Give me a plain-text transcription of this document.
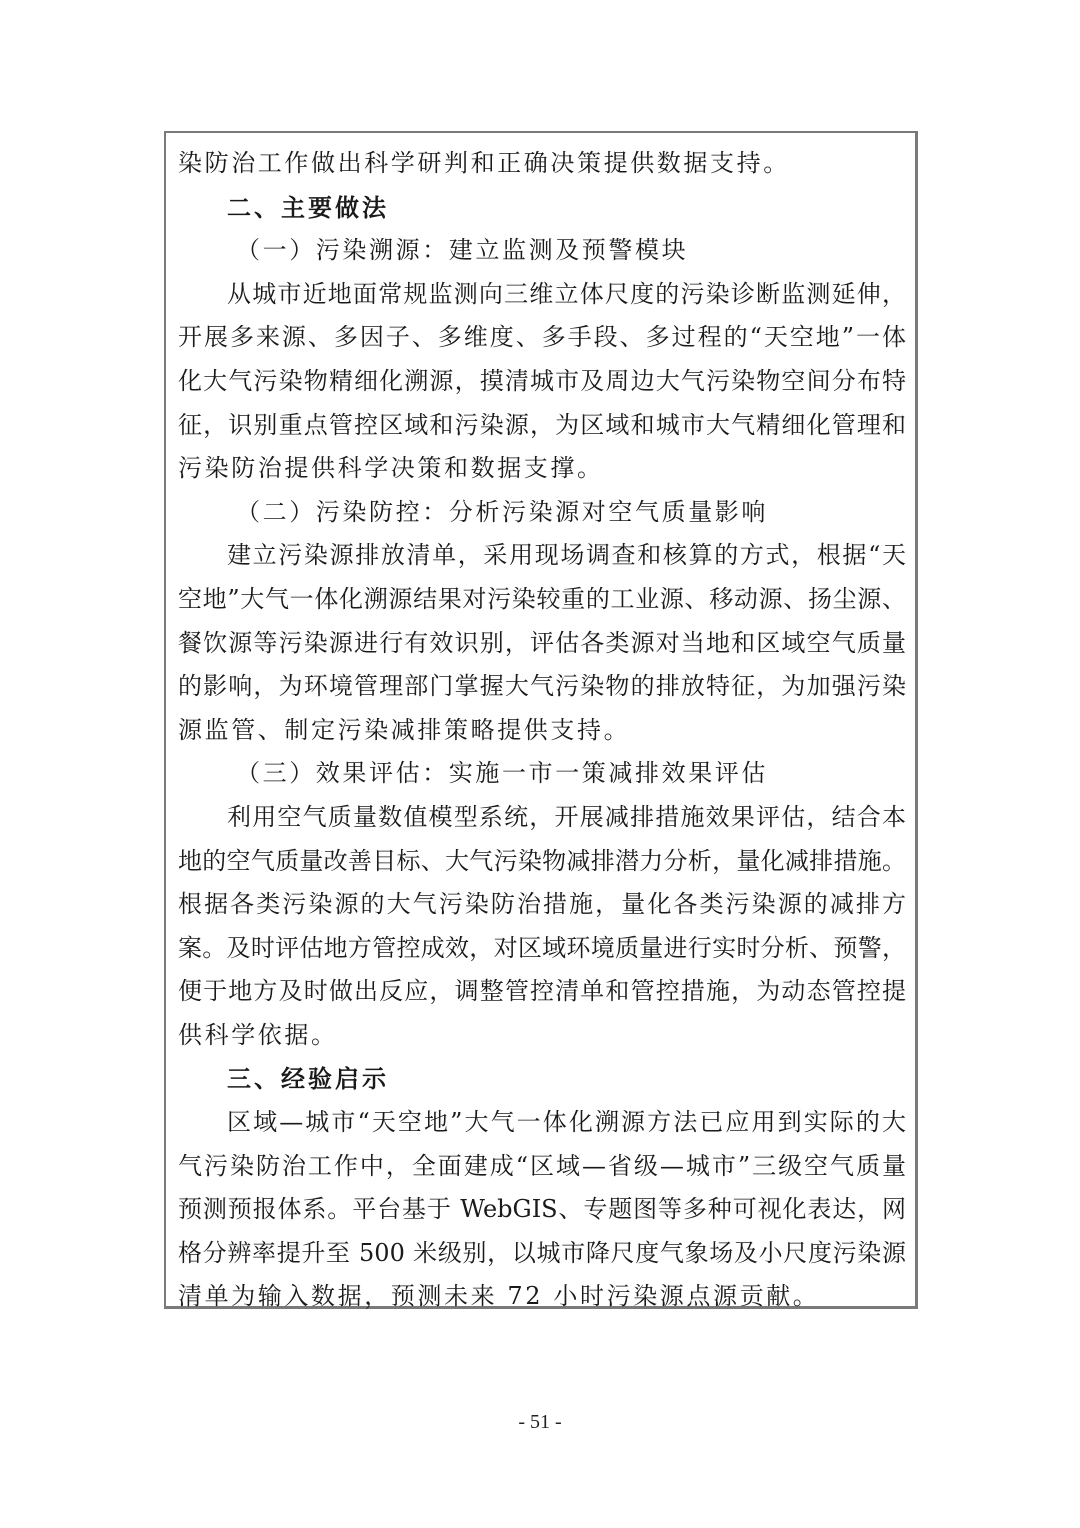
染防治工作做出科学研判和正确决策提供数据支持。
二、主要做法
（一）污染溯源：建立监测及预警模块
从城市近地面常规监测向三维立体尺度的污染诊断监测延伸，
开展多来源、多因子、多维度、多手段、多过程的“天空地”一体
化大气污染物精细化溯源，摸清城市及周边大气污染物空间分布特
征，识别重点管控区域和污染源，为区域和城市大气精细化管理和
污染防治提供科学决策和数据支撑。
（二）污染防控：分析污染源对空气质量影响
建立污染源排放清单，采用现场调查和核算的方式，根据“天
空地”大气一体化溯源结果对污染较重的工业源、移动源、扬尘源、
餐饮源等污染源进行有效识别，评估各类源对当地和区域空气质量
的影响，为环境管理部门掌握大气污染物的排放特征，为加强污染
源监管、制定污染减排策略提供支持。
（三）效果评估：实施一市一策减排效果评估
利用空气质量数值模型系统，开展减排措施效果评估，结合本
地的空气质量改善目标、大气污染物减排潜力分析，量化减排措施。
根据各类污染源的大气污染防治措施，量化各类污染源的减排方
案。及时评估地方管控成效，对区域环境质量进行实时分析、预警，
便于地方及时做出反应，调整管控清单和管控措施，为动态管控提
供科学依据。
三、经验启示
区域—城市“天空地”大气一体化溯源方法已应用到实际的大
气污染防治工作中，全面建成“区域—省级—城市”三级空气质量
预测预报体系。平台基于 WebGIS、专题图等多种可视化表达，网
格分辨率提升至 500 米级别，以城市降尺度气象场及小尺度污染源
清单为输入数据，预测未来 72 小时污染源点源贡献。
- 51 -
